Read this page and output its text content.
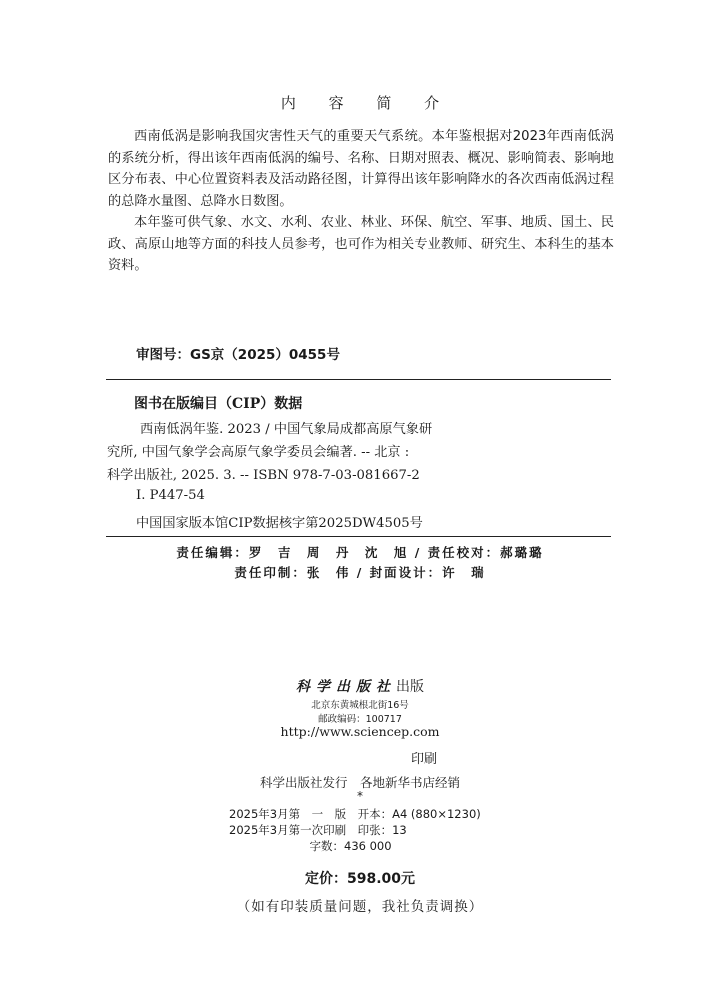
内 容 简 介

西南低涡是影响我国灾害性天气的重要天气系统。本年鉴根据对2023年西南低涡的系统分析，得出该年西南低涡的编号、名称、日期对照表、概况、影响简表、影响地区分布表、中心位置资料表及活动路径图，计算得出该年影响降水的各次西南低涡过程的总降水量图、总降水日数图。

本年鉴可供气象、水文、水利、农业、林业、环保、航空、军事、地质、国土、民政、高原山地等方面的科技人员参考，也可作为相关专业教师、研究生、本科生的基本资料。

审图号：GS京（2025）0455号
图书在版编目（CIP）数据
西南低涡年鉴. 2023 / 中国气象局成都高原气象研
究所, 中国气象学会高原气象学委员会编著. -- 北京 :
科学出版社, 2025. 3. -- ISBN 978-7-03-081667-2
I. P447-54
中国国家版本馆CIP数据核字第2025DW4505号
责任编辑：罗　吉　周　丹　沈　旭 / 责任校对：郝璐璐
责任印制：张　伟 / 封面设计：许　瑞
科学出版社出版
北京东黄城根北街16号
邮政编码：100717
http://www.sciencep.com
印刷
科学出版社发行　各地新华书店经销
*
2025年3月第　一　版　开本：A4 (880×1230)
2025年3月第一次印刷　印张：13
　　　　　　　字数：436 000
定价：598.00元
（如有印装质量问题，我社负责调换）
